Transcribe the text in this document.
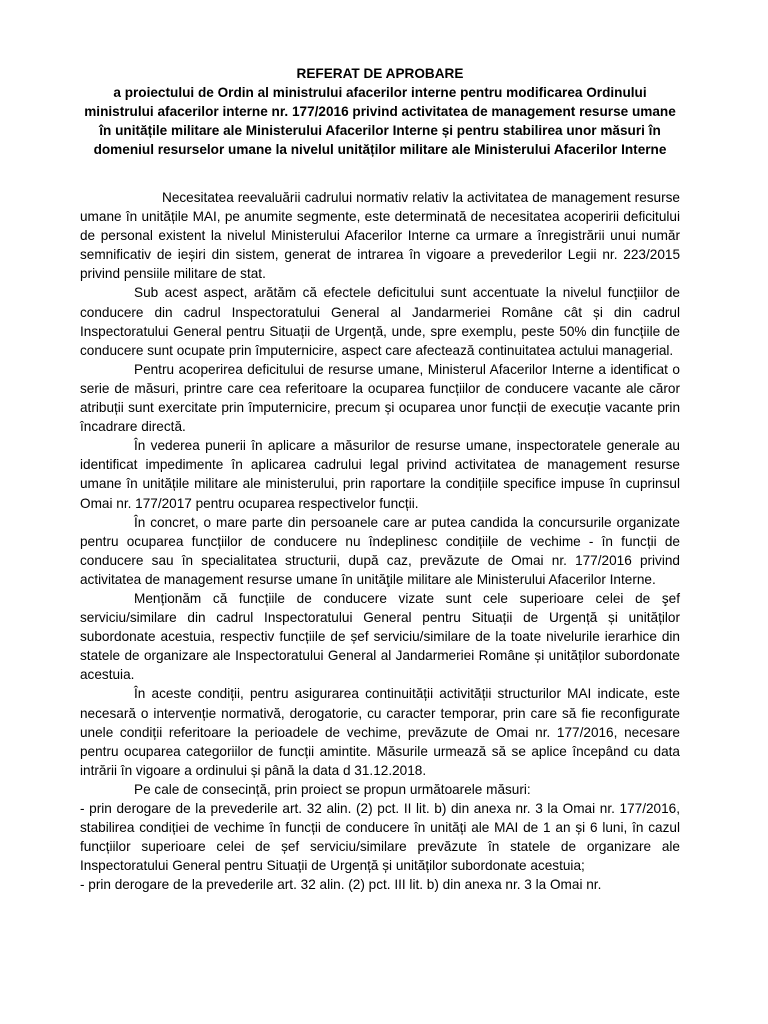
REFERAT DE APROBARE
a proiectului de Ordin al ministrului afacerilor interne pentru modificarea Ordinului ministrului afacerilor interne nr. 177/2016 privind activitatea de management resurse umane în unitățile militare ale Ministerului Afacerilor Interne și pentru stabilirea unor măsuri în domeniul resurselor umane la nivelul unităților militare ale Ministerului Afacerilor Interne

Necesitatea reevaluării cadrului normativ relativ la activitatea de management resurse umane în unitățile MAI, pe anumite segmente, este determinată de necesitatea acoperirii deficitului de personal existent la nivelul Ministerului Afacerilor Interne ca urmare a înregistrării unui număr semnificativ de ieșiri din sistem, generat de intrarea în vigoare a prevederilor Legii nr. 223/2015 privind pensiile militare de stat.

Sub acest aspect, arătăm că efectele deficitului sunt accentuate la nivelul funcțiilor de conducere din cadrul Inspectoratului General al Jandarmeriei Române cât și din cadrul Inspectoratului General pentru Situații de Urgență, unde, spre exemplu, peste 50% din funcțiile de conducere sunt ocupate prin împuternicire, aspect care afectează continuitatea actului managerial.

Pentru acoperirea deficitului de resurse umane, Ministerul Afacerilor Interne a identificat o serie de măsuri, printre care cea referitoare la ocuparea funcțiilor de conducere vacante ale căror atribuții sunt exercitate prin împuternicire, precum și ocuparea unor funcții de execuție vacante prin încadrare directă.

În vederea punerii în aplicare a măsurilor de resurse umane, inspectoratele generale au identificat impedimente în aplicarea cadrului legal privind activitatea de management resurse umane în unitățile militare ale ministerului, prin raportare la condițiile specifice impuse în cuprinsul Omai nr. 177/2017 pentru ocuparea respectivelor funcții.

În concret, o mare parte din persoanele care ar putea candida la concursurile organizate pentru ocuparea funcțiilor de conducere nu îndeplinesc condițiile de vechime - în funcții de conducere sau în specialitatea structurii, după caz, prevăzute de Omai nr. 177/2016 privind activitatea de management resurse umane în unităţile militare ale Ministerului Afacerilor Interne.

Menționăm că funcțiile de conducere vizate sunt cele superioare celei de şef serviciu/similare din cadrul Inspectoratului General pentru Situații de Urgență și unităților subordonate acestuia, respectiv funcțiile de șef serviciu/similare de la toate nivelurile ierarhice din statele de organizare ale Inspectoratului General al Jandarmeriei Române și unităților subordonate acestuia.

În aceste condiții, pentru asigurarea continuității activității structurilor MAI indicate, este necesară o intervenție normativă, derogatorie, cu caracter temporar, prin care să fie reconfigurate unele condiții referitoare la perioadele de vechime, prevăzute de Omai nr. 177/2016, necesare pentru ocuparea categoriilor de funcții amintite. Măsurile urmează să se aplice începând cu data intrării în vigoare a ordinului și până la data d 31.12.2018.

Pe cale de consecință, prin proiect se propun următoarele măsuri:

- prin derogare de la prevederile art. 32 alin. (2) pct. II lit. b) din anexa nr. 3 la Omai nr. 177/2016, stabilirea condiției de vechime în funcții de conducere în unități ale MAI de 1 an și 6 luni, în cazul funcțiilor superioare celei de șef serviciu/similare prevăzute în statele de organizare ale Inspectoratului General pentru Situații de Urgență și unităților subordonate acestuia;

- prin derogare de la prevederile art. 32 alin. (2) pct. III lit. b) din anexa nr. 3 la Omai nr.
